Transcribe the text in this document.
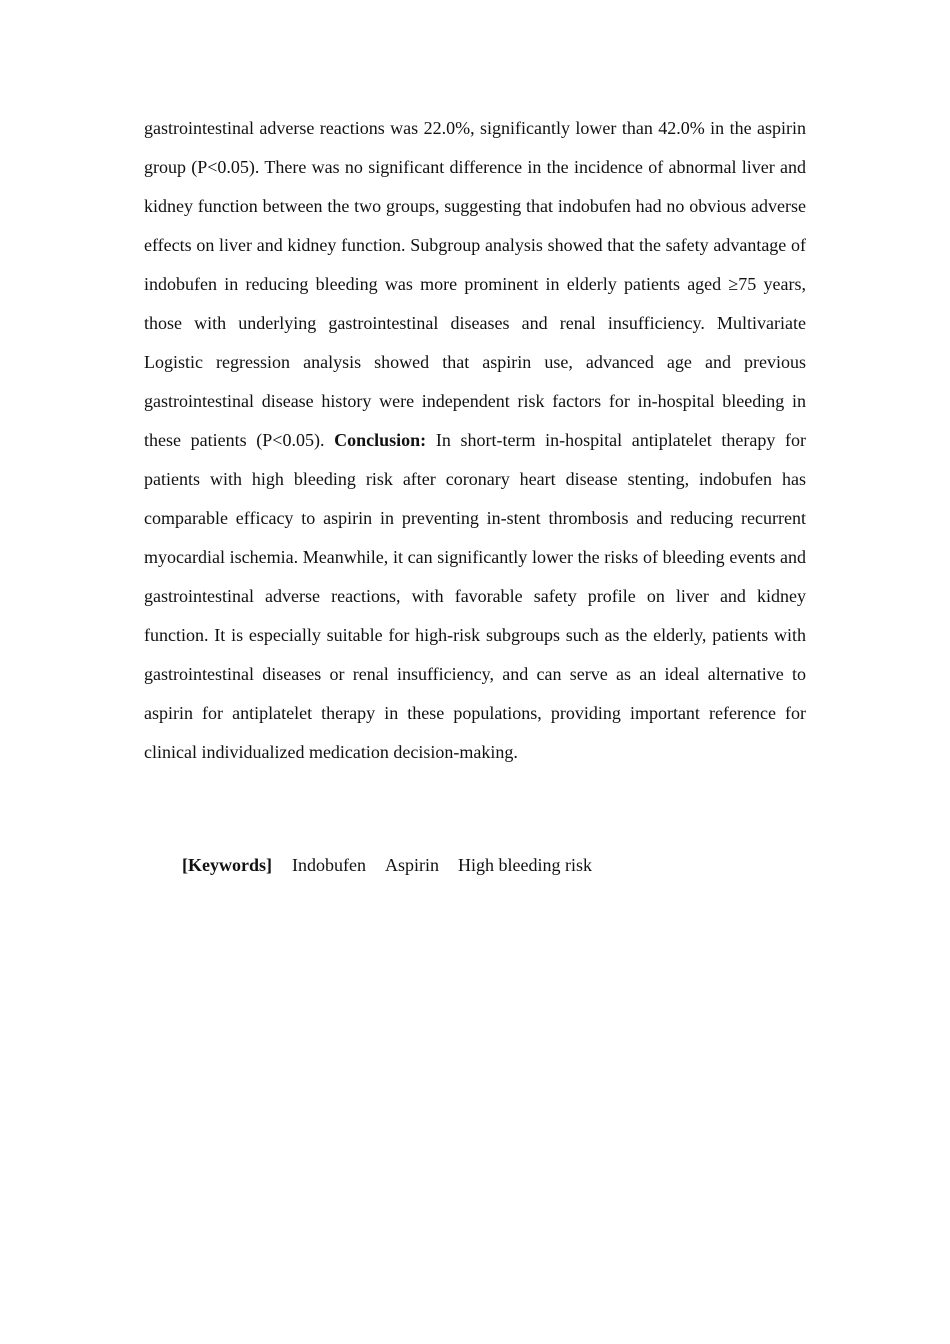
gastrointestinal adverse reactions was 22.0%, significantly lower than 42.0% in the aspirin group (P<0.05). There was no significant difference in the incidence of abnormal liver and kidney function between the two groups, suggesting that indobufen had no obvious adverse effects on liver and kidney function. Subgroup analysis showed that the safety advantage of indobufen in reducing bleeding was more prominent in elderly patients aged ≥75 years, those with underlying gastrointestinal diseases and renal insufficiency. Multivariate Logistic regression analysis showed that aspirin use, advanced age and previous gastrointestinal disease history were independent risk factors for in-hospital bleeding in these patients (P<0.05). Conclusion: In short-term in-hospital antiplatelet therapy for patients with high bleeding risk after coronary heart disease stenting, indobufen has comparable efficacy to aspirin in preventing in-stent thrombosis and reducing recurrent myocardial ischemia. Meanwhile, it can significantly lower the risks of bleeding events and gastrointestinal adverse reactions, with favorable safety profile on liver and kidney function. It is especially suitable for high-risk subgroups such as the elderly, patients with gastrointestinal diseases or renal insufficiency, and can serve as an ideal alternative to aspirin for antiplatelet therapy in these populations, providing important reference for clinical individualized medication decision-making.

[Keywords] Indobufen Aspirin High bleeding risk
